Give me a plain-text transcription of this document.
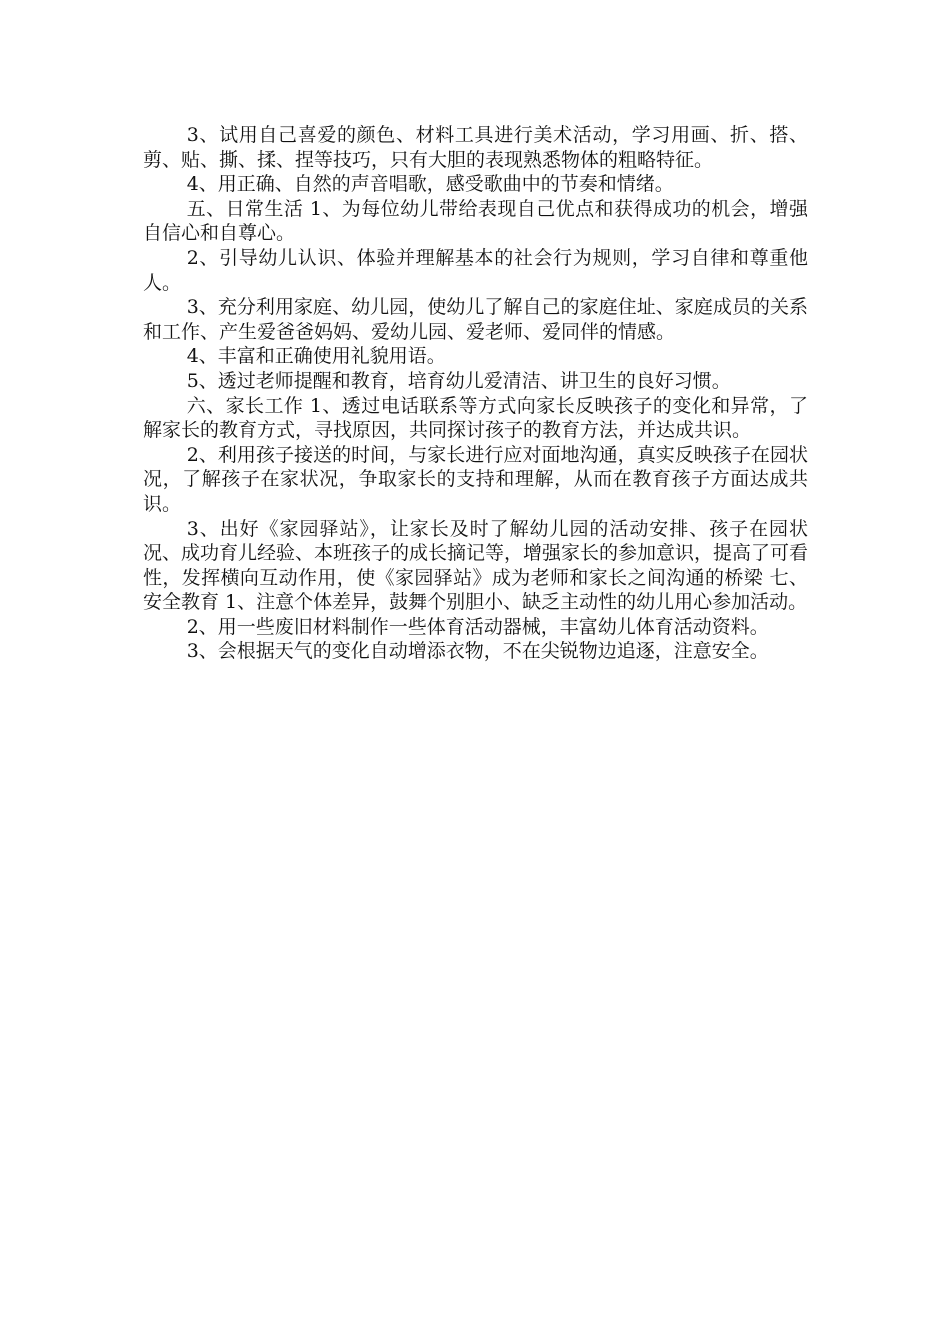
3、试用自己喜爱的颜色、材料工具进行美术活动，学习用画、折、搭、剪、贴、撕、揉、捏等技巧，只有大胆的表现熟悉物体的粗略特征。

4、用正确、自然的声音唱歌，感受歌曲中的节奏和情绪。

五、日常生活 1、为每位幼儿带给表现自己优点和获得成功的机会，增强自信心和自尊心。

2、引导幼儿认识、体验并理解基本的社会行为规则，学习自律和尊重他人。

3、充分利用家庭、幼儿园，使幼儿了解自己的家庭住址、家庭成员的关系和工作、产生爱爸爸妈妈、爱幼儿园、爱老师、爱同伴的情感。

4、丰富和正确使用礼貌用语。

5、透过老师提醒和教育，培育幼儿爱清洁、讲卫生的良好习惯。

六、家长工作 1、透过电话联系等方式向家长反映孩子的变化和异常，了解家长的教育方式，寻找原因，共同探讨孩子的教育方法，并达成共识。

2、利用孩子接送的时间，与家长进行应对面地沟通，真实反映孩子在园状况，了解孩子在家状况，争取家长的支持和理解，从而在教育孩子方面达成共识。

3、出好《家园驿站》，让家长及时了解幼儿园的活动安排、孩子在园状况、成功育儿经验、本班孩子的成长摘记等，增强家长的参加意识，提高了可看性，发挥横向互动作用，使《家园驿站》成为老师和家长之间沟通的桥梁 七、安全教育 1、注意个体差异，鼓舞个别胆小、缺乏主动性的幼儿用心参加活动。

2、用一些废旧材料制作一些体育活动器械，丰富幼儿体育活动资料。

3、会根据天气的变化自动增添衣物，不在尖锐物边追逐，注意安全。
